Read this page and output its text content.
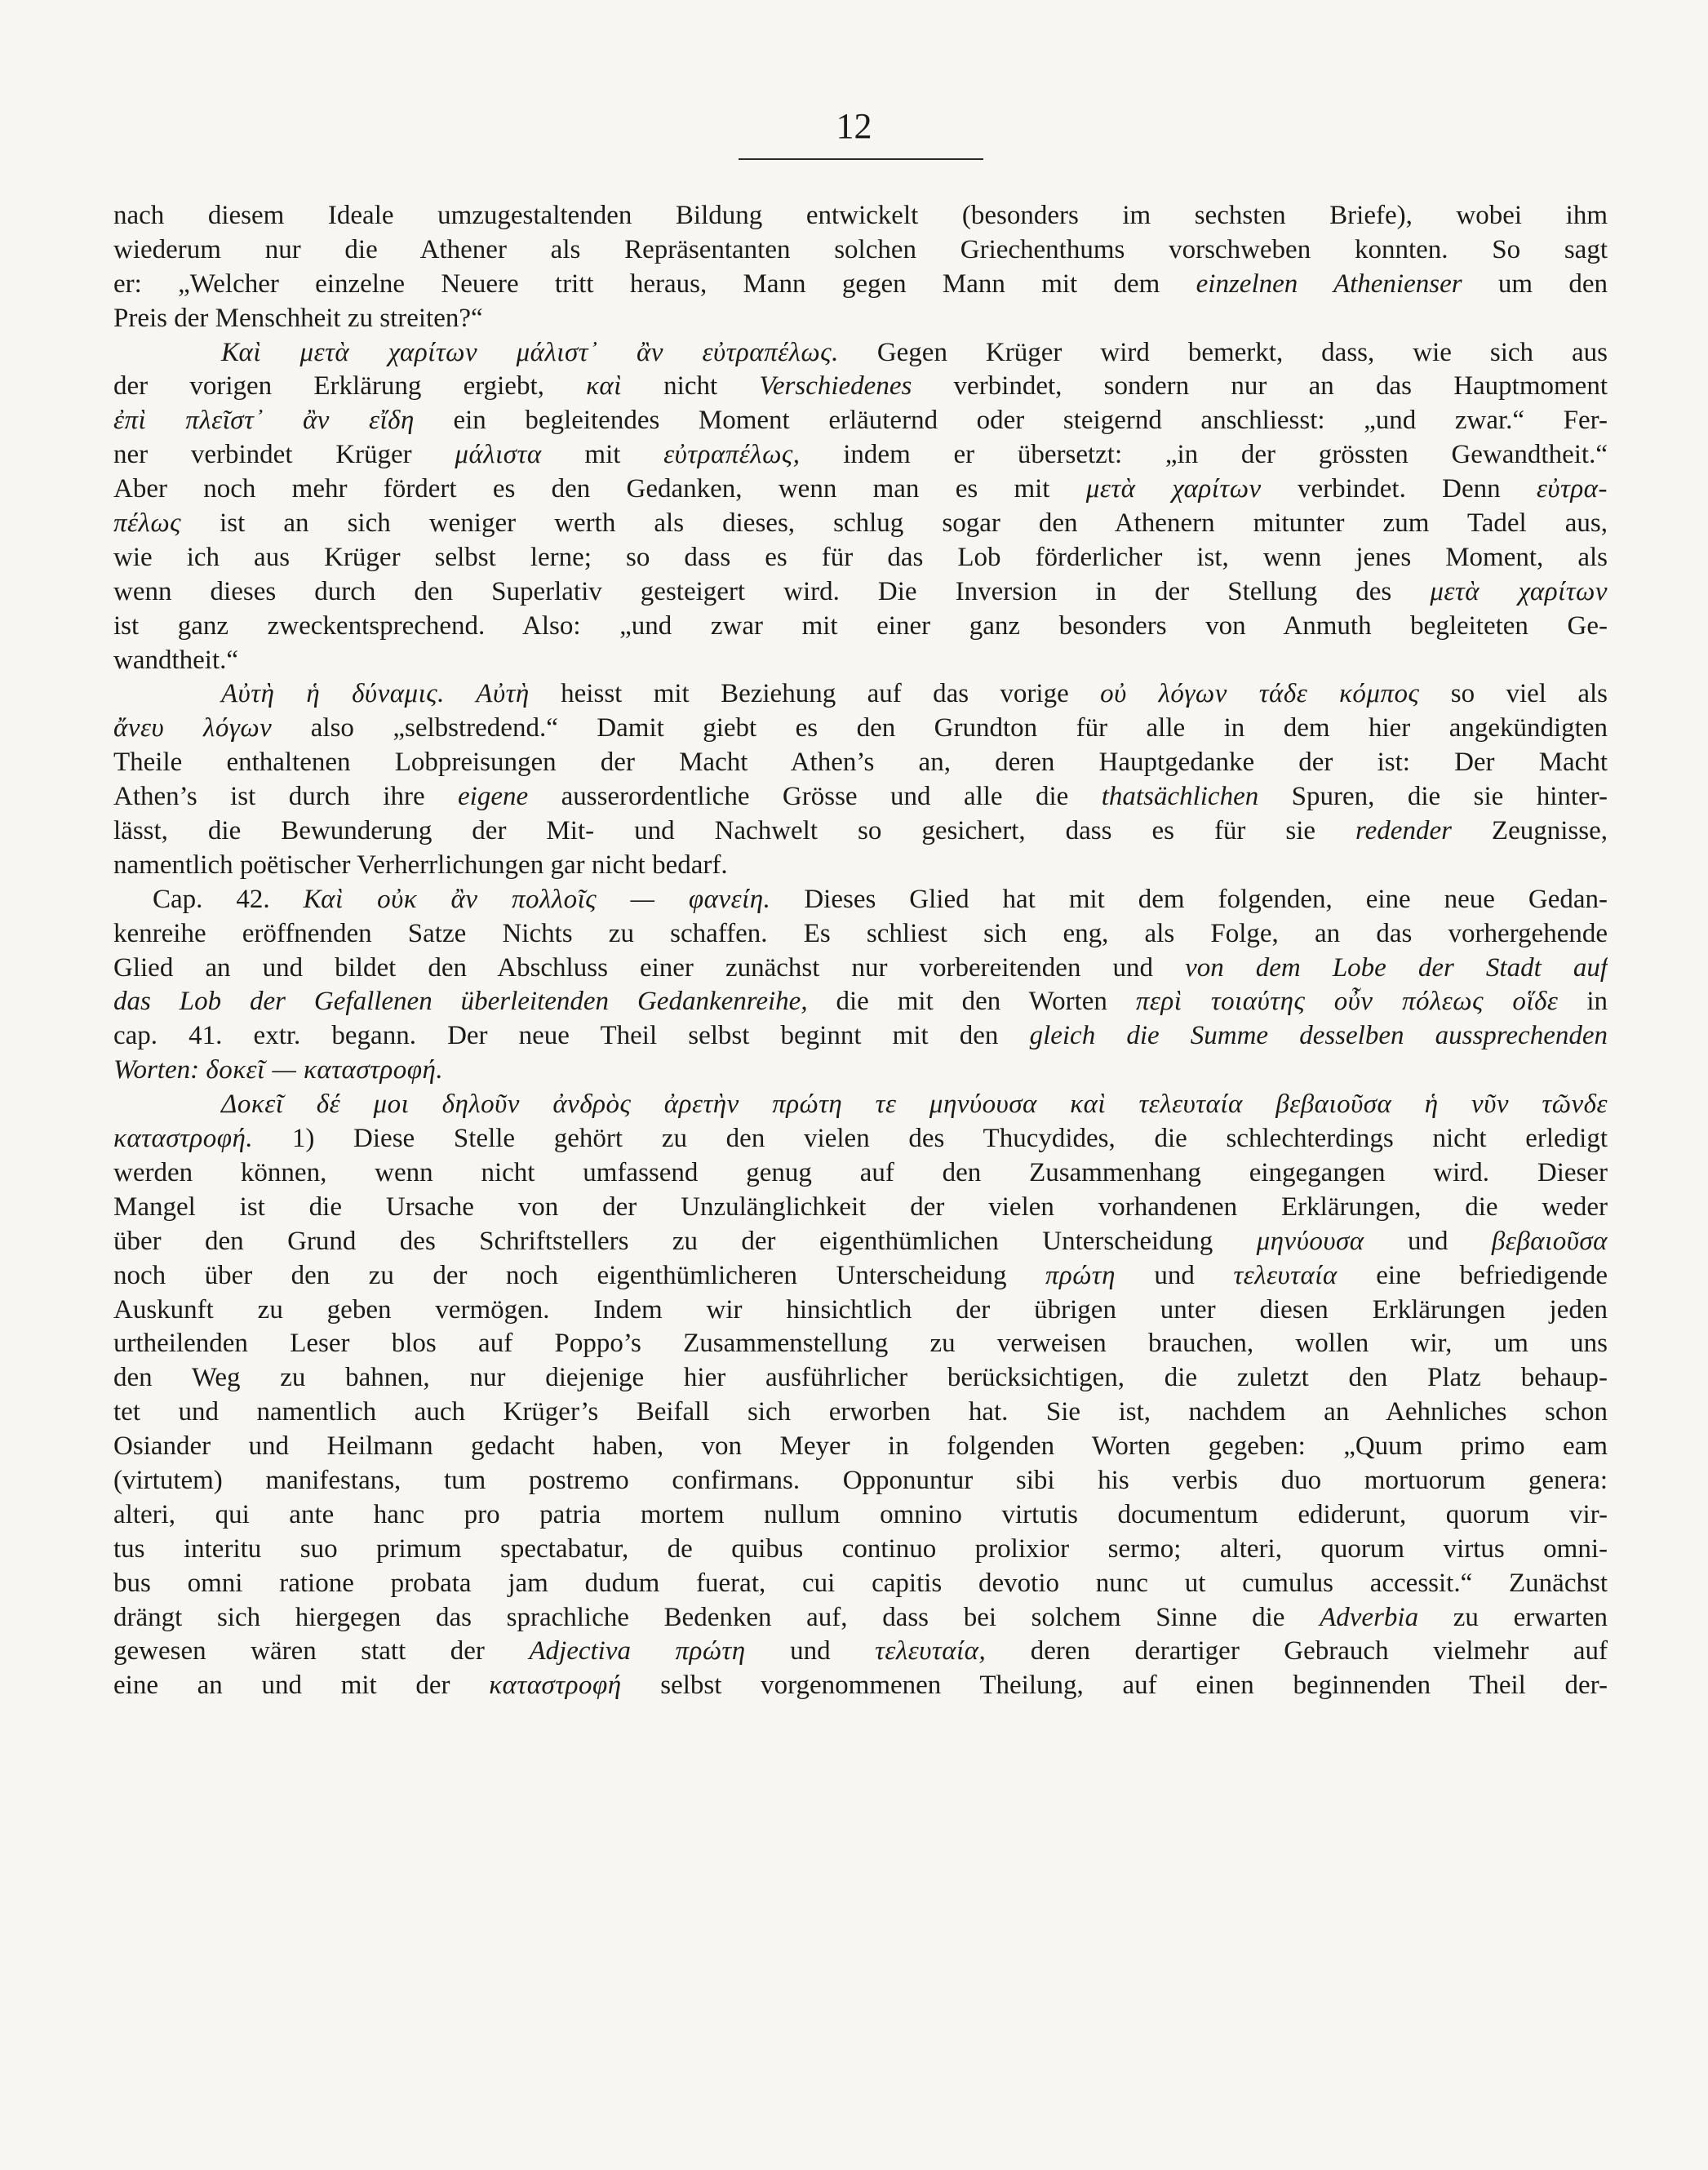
12
nach diesem Ideale umzugestaltenden Bildung entwickelt (besonders im sechsten Briefe), wobei ihm
wiederum nur die Athener als Repräsentanten solchen Griechenthums vorschweben konnten. So sagt
er: „Welcher einzelne Neuere tritt heraus, Mann gegen Mann mit dem einzelnen Athenienser um den
Preis der Menschheit zu streiten?“
Καὶ μετὰ χαρίτων μάλιστ᾽ ἂν εὐτραπέλως. Gegen Krüger wird bemerkt, dass, wie sich aus
der vorigen Erklärung ergiebt, καὶ nicht Verschiedenes verbindet, sondern nur an das Hauptmoment
ἐπὶ πλεῖστ᾽ ἂν εἴδη ein begleitendes Moment erläuternd oder steigernd anschliesst: „und zwar.“ Fer-
ner verbindet Krüger μάλιστα mit εὐτραπέλως, indem er übersetzt: „in der grössten Gewandtheit.“
Aber noch mehr fördert es den Gedanken, wenn man es mit μετὰ χαρίτων verbindet. Denn εὐτρα-
πέλως ist an sich weniger werth als dieses, schlug sogar den Athenern mitunter zum Tadel aus,
wie ich aus Krüger selbst lerne; so dass es für das Lob förderlicher ist, wenn jenes Moment, als
wenn dieses durch den Superlativ gesteigert wird. Die Inversion in der Stellung des μετὰ χαρίτων
ist ganz zweckentsprechend. Also: „und zwar mit einer ganz besonders von Anmuth begleiteten Ge-
wandtheit.“
Αὐτὴ ἡ δύναμις. Αὐτὴ heisst mit Beziehung auf das vorige οὐ λόγων τάδε κόμπος so viel als
ἄνευ λόγων also „selbstredend.“ Damit giebt es den Grundton für alle in dem hier angekündigten
Theile enthaltenen Lobpreisungen der Macht Athen’s an, deren Hauptgedanke der ist: Der Macht
Athen’s ist durch ihre eigene ausserordentliche Grösse und alle die thatsächlichen Spuren, die sie hinter-
lässt, die Bewunderung der Mit- und Nachwelt so gesichert, dass es für sie redender Zeugnisse,
namentlich poëtischer Verherrlichungen gar nicht bedarf.
Cap. 42. Καὶ οὐκ ἂν πολλοῖς — φανείη. Dieses Glied hat mit dem folgenden, eine neue Gedan-
kenreihe eröffnenden Satze Nichts zu schaffen. Es schliest sich eng, als Folge, an das vorhergehende
Glied an und bildet den Abschluss einer zunächst nur vorbereitenden und von dem Lobe der Stadt auf
das Lob der Gefallenen überleitenden Gedankenreihe, die mit den Worten περὶ τοιαύτης οὖν πόλεως οἵδε in
cap. 41. extr. begann. Der neue Theil selbst beginnt mit den gleich die Summe desselben aussprechenden
Worten: δοκεῖ — καταστροφή.
Δοκεῖ δέ μοι δηλοῦν ἀνδρὸς ἀρετὴν πρώτη τε μηνύουσα καὶ τελευταία βεβαιοῦσα ἡ νῦν τῶνδε
καταστροφή. 1) Diese Stelle gehört zu den vielen des Thucydides, die schlechterdings nicht erledigt
werden können, wenn nicht umfassend genug auf den Zusammenhang eingegangen wird. Dieser
Mangel ist die Ursache von der Unzulänglichkeit der vielen vorhandenen Erklärungen, die weder
über den Grund des Schriftstellers zu der eigenthümlichen Unterscheidung μηνύουσα und βεβαιοῦσα
noch über den zu der noch eigenthümlicheren Unterscheidung πρώτη und τελευταία eine befriedigende
Auskunft zu geben vermögen. Indem wir hinsichtlich der übrigen unter diesen Erklärungen jeden
urtheilenden Leser blos auf Poppo’s Zusammenstellung zu verweisen brauchen, wollen wir, um uns
den Weg zu bahnen, nur diejenige hier ausführlicher berücksichtigen, die zuletzt den Platz behaup-
tet und namentlich auch Krüger’s Beifall sich erworben hat. Sie ist, nachdem an Aehnliches schon
Osiander und Heilmann gedacht haben, von Meyer in folgenden Worten gegeben: „Quum primo eam
(virtutem) manifestans, tum postremo confirmans. Opponuntur sibi his verbis duo mortuorum genera:
alteri, qui ante hanc pro patria mortem nullum omnino virtutis documentum ediderunt, quorum vir-
tus interitu suo primum spectabatur, de quibus continuo prolixior sermo; alteri, quorum virtus omni-
bus omni ratione probata jam dudum fuerat, cui capitis devotio nunc ut cumulus accessit.“ Zunächst
drängt sich hiergegen das sprachliche Bedenken auf, dass bei solchem Sinne die Adverbia zu erwarten
gewesen wären statt der Adjectiva πρώτη und τελευταία, deren derartiger Gebrauch vielmehr auf
eine an und mit der καταστροφή selbst vorgenommenen Theilung, auf einen beginnenden Theil der-
